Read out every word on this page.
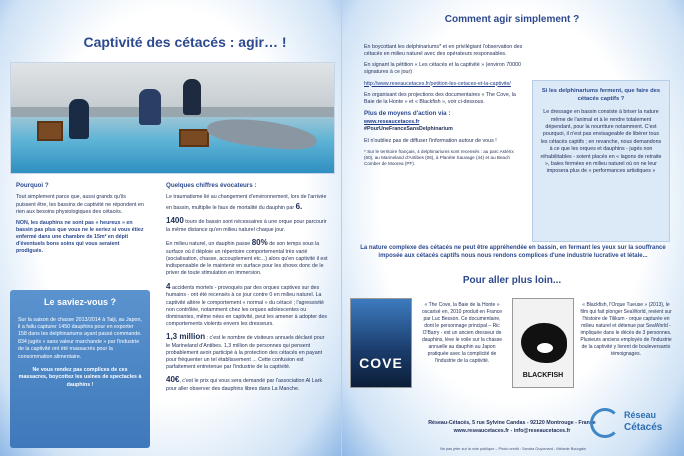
Captivité des cétacés : agir… !
Pourquoi ?

Tout simplement parce que, aussi grands qu'ils puissent être, les bassins de captivité ne répondent en rien aux besoins physiologiques des cétacés.

NON, les dauphins ne sont pas « heureux » en bassin pas plus que vous ne le seriez si vous étiez enfermé dans une chambre de 15m² en dépit d'éventuels bons soins qui vous seraient prodigués.

Le saviez-vous ?

Sur la saison de chasse 2013/2014 à Taiji, au Japon, il a fallu capturer 1450 dauphins pour en exporter 158 dans les delphinariums ayant passé commande. 834 jugés « sans valeur marchande » par l'industrie de la captivité ont été massacrés pour la consommation alimentaire.

Ne vous rendez pas complices de ces massacres, boycottez les usines de spectacles à dauphins !

Quelques chiffres évocateurs :

Le traumatisme lié au changement d'environnement, lors de l'arrivée en bassin, multiplie le faux de mortalité du dauphin par 6.

1400 tours de bassin sont nécessaires à une orque pour parcourir la même distance qu'en milieu naturel chaque jour.

En milieu naturel, un dauphin passe 80% de son temps sous la surface où il déploie un répertoire comportemental très varié (socialisation, chasse, accouplement etc...) alors qu'en captivité il est indispensable de le maintenir en surface pour les shows donc de le priver de toute stimulation en immersion.

4 accidents mortels - provoqués par des orques captives sur des humains - ont été recensés à ce jour contre 0 en milieu naturel. La captivité altère le comportement « normal » du cétacé ; l'agressivité non contrôlée, notamment chez les orques adolescentes ou dominantes, même nées en captivité, peut les amener à adopter des comportements violents envers les dresseurs.

1,3 million : c'est le nombre de visiteurs annuels déclaré pour le Marineland d'Antibes. 1,3 million de personnes qui pensent probablement avoir participé à la protection des cétacés en payant pour fréquenter un tel établissement ... Cette confusion est parfaitement entretenue par l'industrie de la captivité.

40€, c'est le prix qui vous sera demandé par l'association Al Lark pour aller observer des dauphins libres dans La Manche.

Comment agir simplement ?

En boycottant les delphinariums* et en privilégiant l'observation des cétacés en milieu naturel avec des opérateurs responsables.

En signant la pétition « Les cétacés et la captivité » (environ 70000 signatures à ce jour)

http://www.reseaucetaces.fr/petition-les-cetaces-et-la-captivite/

En organisant des projections des documentaires « The Cove, la Baie de la Honte » et « Blackfish », voir ci-dessous.

Plus de moyens d'action via :
www.reseaucetaces.fr
#PourUneFranceSansDelphinarium

Et n'oubliez pas de diffuser l'information autour de vous !

* Sur le territoire français, 4 delphinariums sont recensés : au parc Astérix (60), au Marineland d'Antibes (06), à Planète Sauvage (44) et au Beach Comber de Moorea (PF).

Si les delphinariums ferment, que faire des cétacés captifs ?
Le dressage en bassin consiste à briser la nature même de l'animal et à le rendre totalement dépendant, pour la nourriture notamment. C'est pourquoi, il n'est pas envisageable de libérer tous les cétacés captifs ; en revanche, nous demandons à ce que les orques et dauphins - jugés non réhabilitables - soient placés en « lagons de retraite », baies fermées en milieu naturel où on ne leur imposera plus de « performances artistiques »
La nature complexe des cétacés ne peut être appréhendée en bassin, en fermant les yeux sur la souffrance imposée aux cétacés captifs nous nous rendons complices d'une industrie lucrative et létale...
Pour aller plus loin...
COVE
« The Cove, la Baie de la Honte » oscarisé en, 2010 produit en France par Luc Besson. Ce documentaire, dont le personnage principal – Ric O'Barry - est un ancien dresseur de dauphins, lève le voile sur la chasse annuelle au dauphin au Japon pratiquée avec la complicité de l'industrie de la captivité.
BLACKFISH
« Blackfish, l'Orque Tueuse » (2013), le film qui fait plonger SeaWorld, revient sur l'histoire de Tilikum - orque capturée en milieu naturel et détenue par SeaWorld - impliquée dans le décès de 3 personnes. Plusieurs anciens employés de l'industrie de la captivité y livrent de bouleversants témoignages.
Réseau-Cétacés, 5 rue Sylvine Candas - 92120 Montrouge - France
www.reseaucetaces.fr - info@reseaucetaces.fr
Réseau
Cétacés
Ne pas jeter sur la voie publique – Photo crédit : Sandra Guyomard - Mélanie Bourgain
